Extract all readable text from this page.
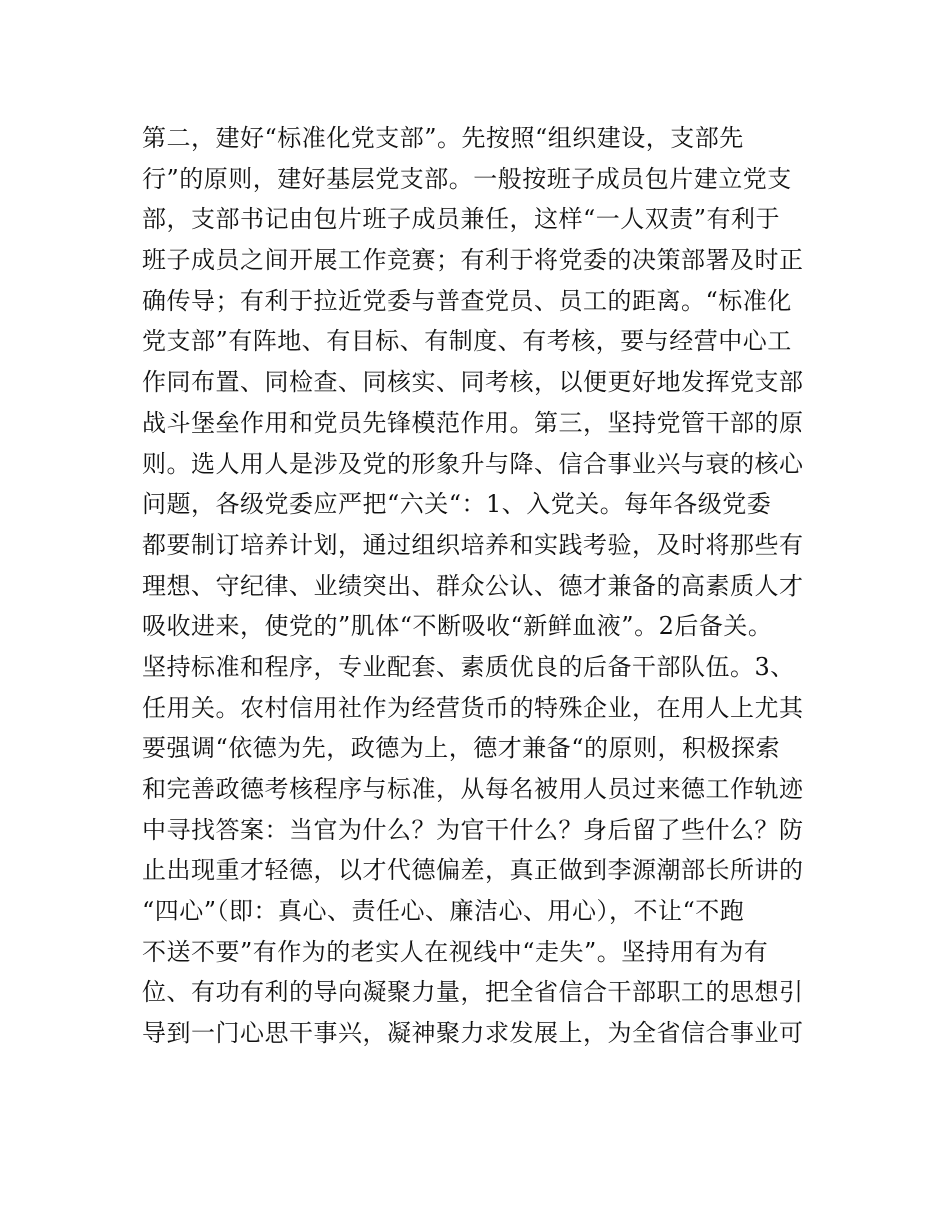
第二，建好“标准化党支部”。先按照“组织建设，支部先
行”的原则，建好基层党支部。一般按班子成员包片建立党支
部，支部书记由包片班子成员兼任，这样“一人双责”有利于
班子成员之间开展工作竞赛；有利于将党委的决策部署及时正
确传导；有利于拉近党委与普查党员、员工的距离。“标准化
党支部”有阵地、有目标、有制度、有考核，要与经营中心工
作同布置、同检查、同核实、同考核，以便更好地发挥党支部
战斗堡垒作用和党员先锋模范作用。第三，坚持党管干部的原
则。选人用人是涉及党的形象升与降、信合事业兴与衰的核心
问题，各级党委应严把“六关“：1、入党关。每年各级党委
都要制订培养计划，通过组织培养和实践考验，及时将那些有
理想、守纪律、业绩突出、群众公认、德才兼备的高素质人才
吸收进来，使党的”肌体“不断吸收“新鲜血液”。2后备关。
坚持标准和程序，专业配套、素质优良的后备干部队伍。3、
任用关。农村信用社作为经营货币的特殊企业，在用人上尤其
要强调“依德为先，政德为上，德才兼备“的原则，积极探索
和完善政德考核程序与标准，从每名被用人员过来德工作轨迹
中寻找答案：当官为什么？为官干什么？身后留了些什么？防
止出现重才轻德，以才代德偏差，真正做到李源潮部长所讲的
“四心”（即：真心、责任心、廉洁心、用心），不让“不跑
不送不要”有作为的老实人在视线中“走失”。坚持用有为有
位、有功有利的导向凝聚力量，把全省信合干部职工的思想引
导到一门心思干事兴，凝神聚力求发展上，为全省信合事业可
